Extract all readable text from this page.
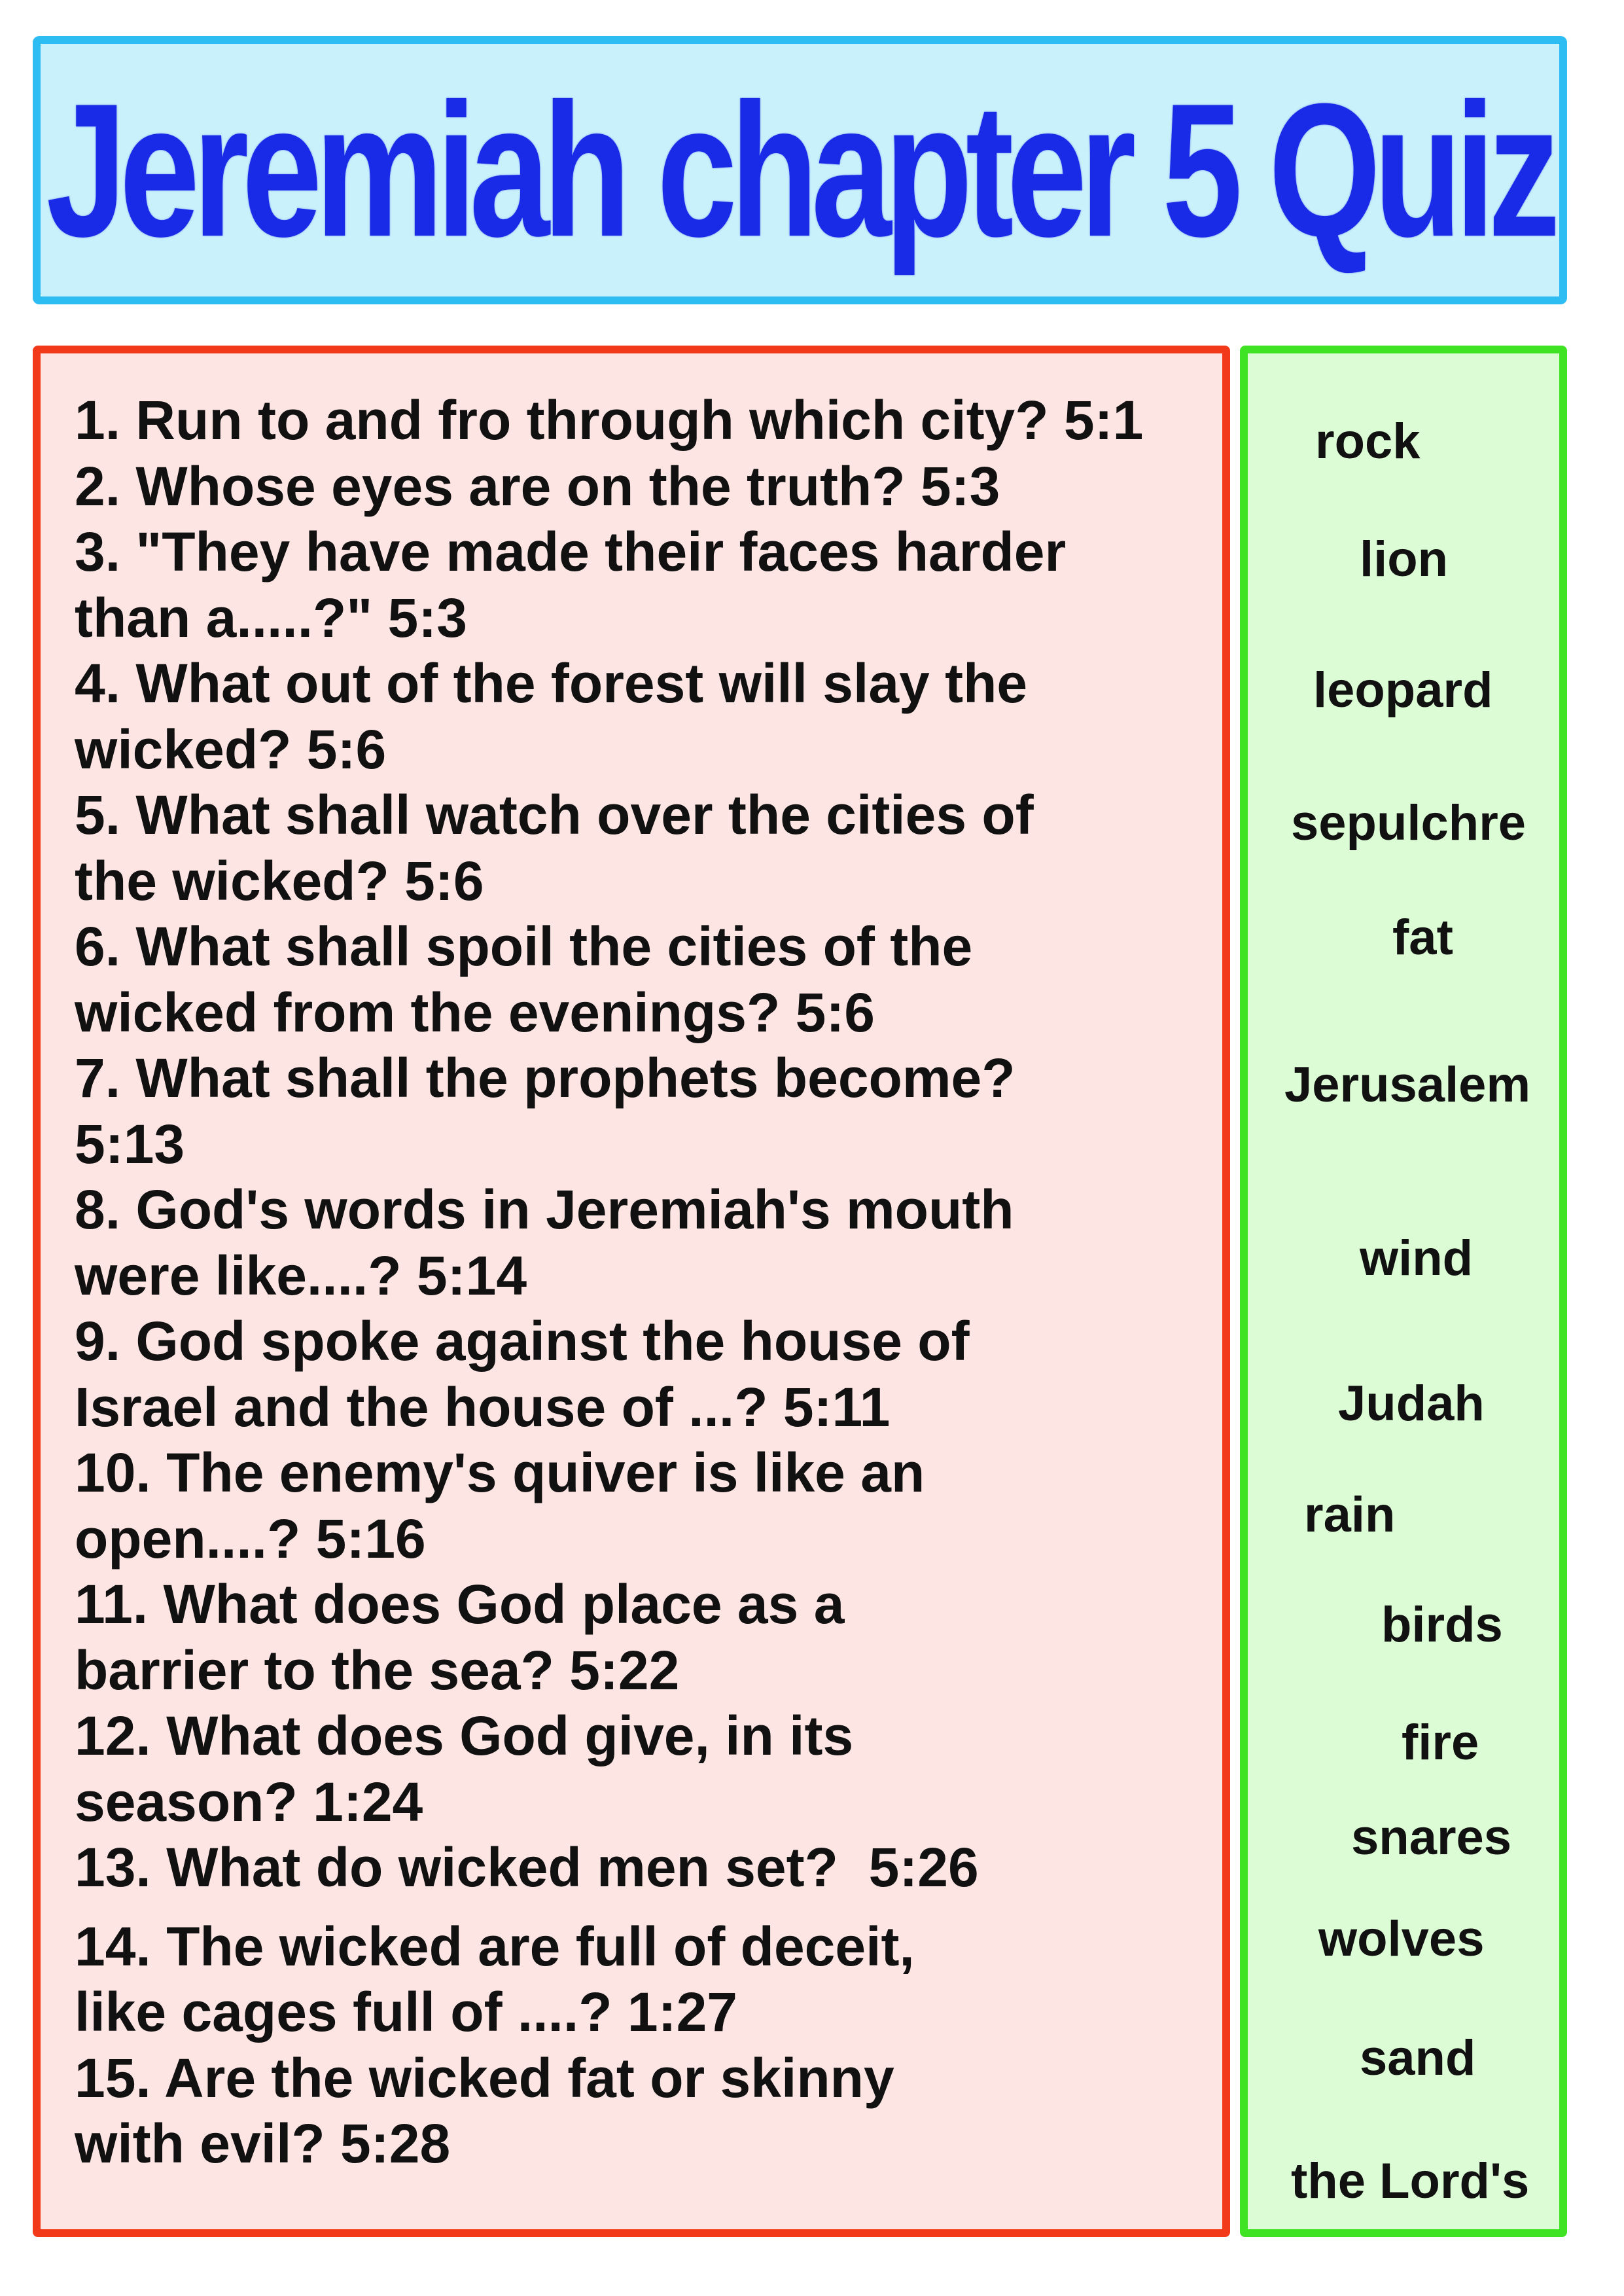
Jeremiah chapter 5 Quiz
1. Run to and fro through which city? 5:1
2. Whose eyes are on the truth? 5:3
3. "They have made their faces harder
than a.....?" 5:3
4. What out of the forest will slay the
wicked? 5:6
5. What shall watch over the cities of
the wicked? 5:6
6. What shall spoil the cities of the
wicked from the evenings? 5:6
7. What shall the prophets become?
5:13
8. God's words in Jeremiah's mouth
were like....? 5:14
9. God spoke against the house of
Israel and the house of ...? 5:11
10. The enemy's quiver is like an
open....? 5:16
11. What does God place as a
barrier to the sea? 5:22
12. What does God give, in its
season? 1:24
13. What do wicked men set?  5:26
14. The wicked are full of deceit,
like cages full of ....? 1:27
15. Are the wicked fat or skinny
with evil? 5:28
rock
lion
leopard
sepulchre
fat
Jerusalem
wind
Judah
rain
birds
fire
snares
wolves
sand
the Lord's
